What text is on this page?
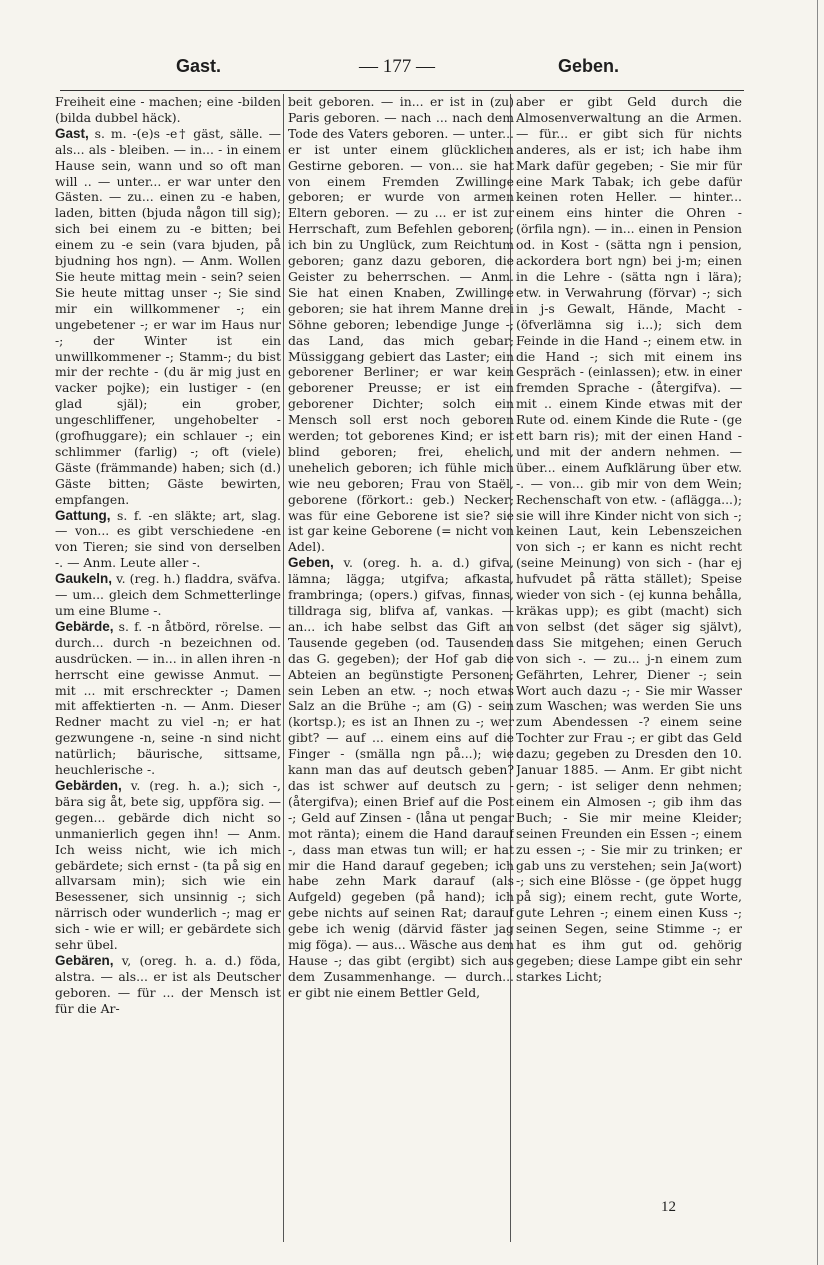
Gast.	— 177 —	Geben.

Freiheit eine - machen; eine -bilden (bilda dubbel häck).

Gast, s. m. -(e)s -e† gäst, sälle. — als... als - bleiben. — in... - in einem Hause sein, wann und so oft man will .. — unter... er war unter den Gästen. — zu... einen zu -e haben, laden, bitten (bjuda någon till sig); sich bei einem zu -e bitten; bei einem zu -e sein (vara bjuden, på bjudning hos ngn). — Anm. Wollen Sie heute mittag mein - sein? seien Sie heute mittag unser -; Sie sind mir ein willkommener -; ein ungebetener -; er war im Haus nur -; der Winter ist ein unwillkommener -; Stamm-; du bist mir der rechte - (du är mig just en vacker pojke); ein lustiger - (en glad själ); ein grober, ungeschliffener, ungehobelter - (grofhuggare); ein schlauer -; ein schlimmer (farlig) -; oft (viele) Gäste (främmande) haben; sich (d.) Gäste bitten; Gäste bewirten, empfangen.

Gattung, s. f. -en släkte; art, slag. — von... es gibt verschiedene -en von Tieren; sie sind von derselben -. — Anm. Leute aller -.

Gaukeln, v. (reg. h.) fladdra, sväfva. — um... gleich dem Schmetterlinge um eine Blume -.

Gebärde, s. f. -n åtbörd, rörelse. — durch... durch -n bezeichnen od. ausdrücken. — in... in allen ihren -n herrscht eine gewisse Anmut. — mit ... mit erschreckter -; Damen mit affektierten -n. — Anm. Dieser Redner macht zu viel -n; er hat gezwungene -n, seine -n sind nicht natürlich; bäurische, sittsame, heuchlerische -.

Gebärden, v. (reg. h. a.); sich -, bära sig åt, bete sig, uppföra sig. — gegen... gebärde dich nicht so unmanierlich gegen ihn! — Anm. Ich weiss nicht, wie ich mich gebärdete; sich ernst - (ta på sig en allvarsam min); sich wie ein Besessener, sich unsinnig -; sich närrisch oder wunderlich -; mag er sich - wie er will; er gebärdete sich sehr übel.

Gebären, v, (oreg. h. a. d.) föda, alstra. — als... er ist als Deutscher geboren. — für ... der Mensch ist für die Ar-

beit geboren. — in... er ist in (zu) Paris geboren. — nach ... nach dem Tode des Vaters geboren. — unter... er ist unter einem glücklichen Gestirne geboren. — von... sie hat von einem Fremden Zwillinge geboren; er wurde von armen Eltern geboren. — zu ... er ist zur Herrschaft, zum Befehlen geboren; ich bin zu Unglück, zum Reichtum geboren; ganz dazu geboren, die Geister zu beherrschen. — Anm. Sie hat einen Knaben, Zwillinge geboren; sie hat ihrem Manne drei Söhne geboren; lebendige Junge -; das Land, das mich gebar; Müssiggang gebiert das Laster; ein geborener Berliner; er war kein geborener Preusse; er ist ein geborener Dichter; solch ein Mensch soll erst noch geboren werden; tot geborenes Kind; er ist blind geboren; frei, ehelich, unehelich geboren; ich fühle mich wie neu geboren; Frau von Staël, geborene (förkort.: geb.) Necker; was für eine Geborene ist sie? sie ist gar keine Geborene (= nicht von Adel).

Geben, v. (oreg. h. a. d.) gifva, lämna; lägga; utgifva; afkasta, frambringa; (opers.) gifvas, finnas, tilldraga sig, blifva af, vankas. — an... ich habe selbst das Gift an Tausende gegeben (od. Tausenden das G. gegeben); der Hof gab die Abteien an begünstigte Personen; sein Leben an etw. -; noch etwas Salz an die Brühe -; am (G) - sein (kortsp.); es ist an Ihnen zu -; wer gibt? — auf ... einem eins auf die Finger - (smälla ngn på...); wie kann man das auf deutsch geben? das ist schwer auf deutsch zu - (återgifva); einen Brief auf die Post -; Geld auf Zinsen - (låna ut pengar mot ränta); einem die Hand darauf -, dass man etwas tun will; er hat mir die Hand darauf gegeben; ich habe zehn Mark darauf (als Aufgeld) gegeben (på hand); ich gebe nichts auf seinen Rat; darauf gebe ich wenig (därvid fäster jag mig föga). — aus... Wäsche aus dem Hause -; das gibt (ergibt) sich aus dem Zusammenhange. — durch... er gibt nie einem Bettler Geld,

aber er gibt Geld durch die Almosenverwaltung an die Armen. — für... er gibt sich für nichts anderes, als er ist; ich habe ihm Mark dafür gegeben; - Sie mir für eine Mark Tabak; ich gebe dafür keinen roten Heller. — hinter... einem eins hinter die Ohren - (örfila ngn). — in... einen in Pension od. in Kost - (sätta ngn i pension, ackordera bort ngn) bei j-m; einen in die Lehre - (sätta ngn i lära); etw. in Verwahrung (förvar) -; sich in j-s Gewalt, Hände, Macht - (öfverlämna sig i...); sich dem Feinde in die Hand -; einem etw. in die Hand -; sich mit einem ins Gespräch - (einlassen); etw. in einer fremden Sprache - (återgifva). — mit .. einem Kinde etwas mit der Rute od. einem Kinde die Rute - (ge ett barn ris); mit der einen Hand - und mit der andern nehmen. — über... einem Aufklärung über etw. -. — von... gib mir von dem Wein; Rechenschaft von etw. - (aflägga...); sie will ihre Kinder nicht von sich -; keinen Laut, kein Lebenszeichen von sich -; er kann es nicht recht (seine Meinung) von sich - (har ej hufvudet på rätta stället); Speise wieder von sich - (ej kunna behålla, kräkas upp); es gibt (macht) sich von selbst (det säger sig självt), dass Sie mitgehen; einen Geruch von sich -. — zu... j-n einem zum Gefährten, Lehrer, Diener -; sein Wort auch dazu -; - Sie mir Wasser zum Waschen; was werden Sie uns zum Abendessen -? einem seine Tochter zur Frau -; er gibt das Geld dazu; gegeben zu Dresden den 10. Januar 1885. — Anm. Er gibt nicht gern; - ist seliger denn nehmen; einem ein Almosen -; gib ihm das Buch; - Sie mir meine Kleider; seinen Freunden ein Essen -; einem zu essen -; - Sie mir zu trinken; er gab uns zu verstehen; sein Ja(wort) -; sich eine Blösse - (ge öppet hugg på sig); einem recht, gute Worte, gute Lehren -; einem einen Kuss -; seinen Segen, seine Stimme -; er hat es ihm gut od. gehörig gegeben; diese Lampe gibt ein sehr starkes Licht;

12
